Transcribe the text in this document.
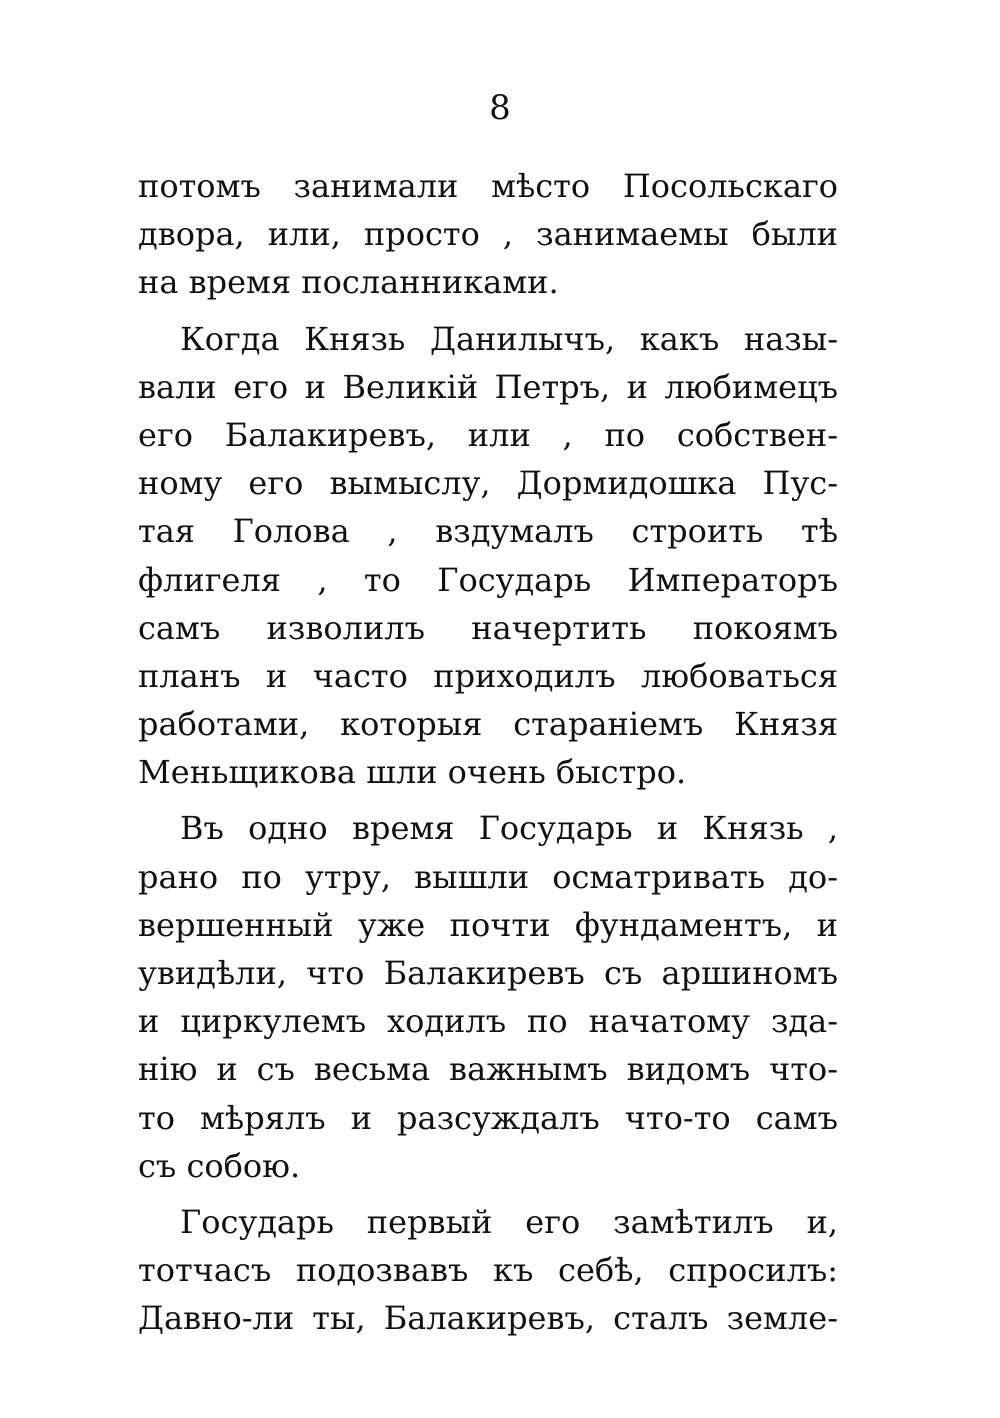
8
потомъ занимали мѣсто Посольскаго
двора, или, просто , занимаемы были
на время посланниками.
Когда Князь Данилычъ, какъ назы-
вали его и Великій Петръ, и любимецъ
его Балакиревъ, или , по собствен-
ному его вымыслу, Дормидошка Пус-
тая Голова , вздумалъ строить тѣ
флигеля , то Государь Императоръ
самъ изволилъ начертить покоямъ
планъ и часто приходилъ любоваться
работами, которыя стараніемъ Князя
Меньщикова шли очень быстро.
Въ одно время Государь и Князь ,
рано по утру, вышли осматривать до-
вершенный уже почти фундаментъ, и
увидѣли, что Балакиревъ съ аршиномъ
и циркулемъ ходилъ по начатому зда-
нію и съ весьма важнымъ видомъ что-
то мѣрялъ и разсуждалъ что-то самъ
съ собою.
Государь первый его замѣтилъ и,
тотчасъ подозвавъ къ себѣ, спросилъ:
Давно-ли ты, Балакиревъ, сталъ земле-
